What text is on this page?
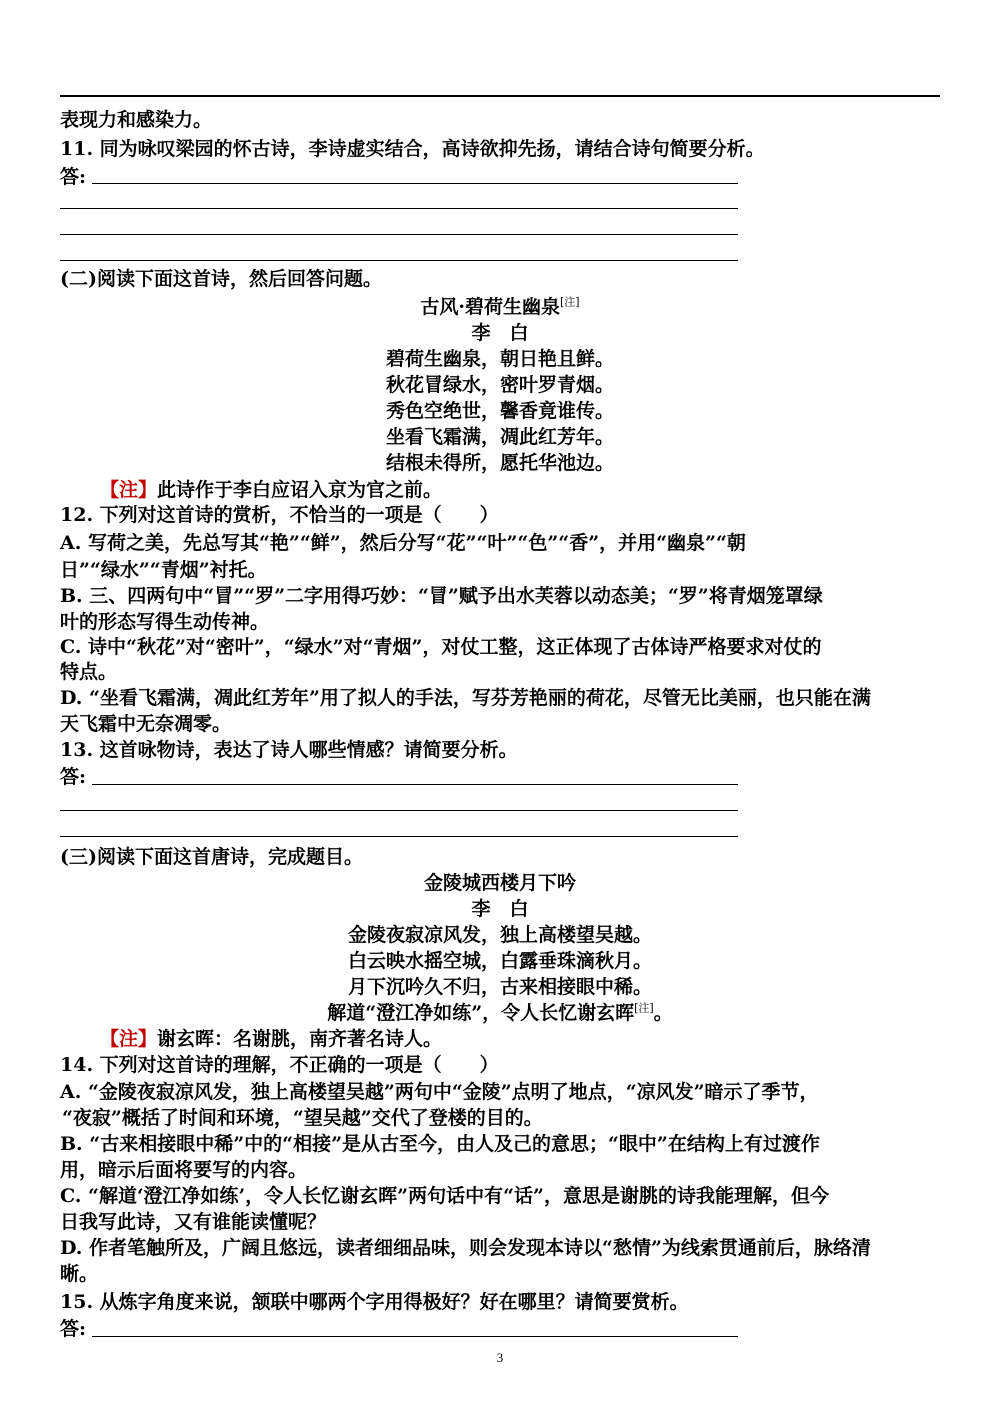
表现力和感染力。
11. 同为咏叹梁园的怀古诗，李诗虚实结合，高诗欲抑先扬，请结合诗句简要分析。
答:
(二)阅读下面这首诗，然后回答问题。
古风·碧荷生幽泉[注]
李　白
碧荷生幽泉，朝日艳且鲜。
秋花冒绿水，密叶罗青烟。
秀色空绝世，馨香竟谁传。
坐看飞霜满，凋此红芳年。
结根未得所，愿托华池边。
【注】此诗作于李白应诏入京为官之前。
12. 下列对这首诗的赏析，不恰当的一项是（　　）
A. 写荷之美，先总写其“艳”“鲜”，然后分写“花”“叶”“色”“香”，并用“幽泉”“朝
日”“绿水”“青烟”衬托。
B. 三、四两句中“冒”“罗”二字用得巧妙：“冒”赋予出水芙蓉以动态美；“罗”将青烟笼罩绿
叶的形态写得生动传神。
C. 诗中“秋花”对“密叶”，“绿水”对“青烟”，对仗工整，这正体现了古体诗严格要求对仗的
特点。
D. “坐看飞霜满，凋此红芳年”用了拟人的手法，写芬芳艳丽的荷花，尽管无比美丽，也只能在满
天飞霜中无奈凋零。
13. 这首咏物诗，表达了诗人哪些情感？请简要分析。
答:
(三)阅读下面这首唐诗，完成题目。
金陵城西楼月下吟
李　白
金陵夜寂凉风发，独上高楼望吴越。
白云映水摇空城，白露垂珠滴秋月。
月下沉吟久不归，古来相接眼中稀。
解道“澄江净如练”，令人长忆谢玄晖[注]。
【注】谢玄晖：名谢朓，南齐著名诗人。
14. 下列对这首诗的理解，不正确的一项是（　　）
A. “金陵夜寂凉风发，独上高楼望吴越”两句中“金陵”点明了地点，“凉风发”暗示了季节，
“夜寂”概括了时间和环境，“望吴越”交代了登楼的目的。
B. “古来相接眼中稀”中的“相接”是从古至今，由人及己的意思；“眼中”在结构上有过渡作
用，暗示后面将要写的内容。
C. “解道‘澄江净如练’，令人长忆谢玄晖”两句话中有“话”，意思是谢朓的诗我能理解，但今
日我写此诗，又有谁能读懂呢？
D. 作者笔触所及，广阔且悠远，读者细细品味，则会发现本诗以“愁情”为线索贯通前后，脉络清
晰。
15. 从炼字角度来说，颔联中哪两个字用得极好？好在哪里？请简要赏析。
答:
3
